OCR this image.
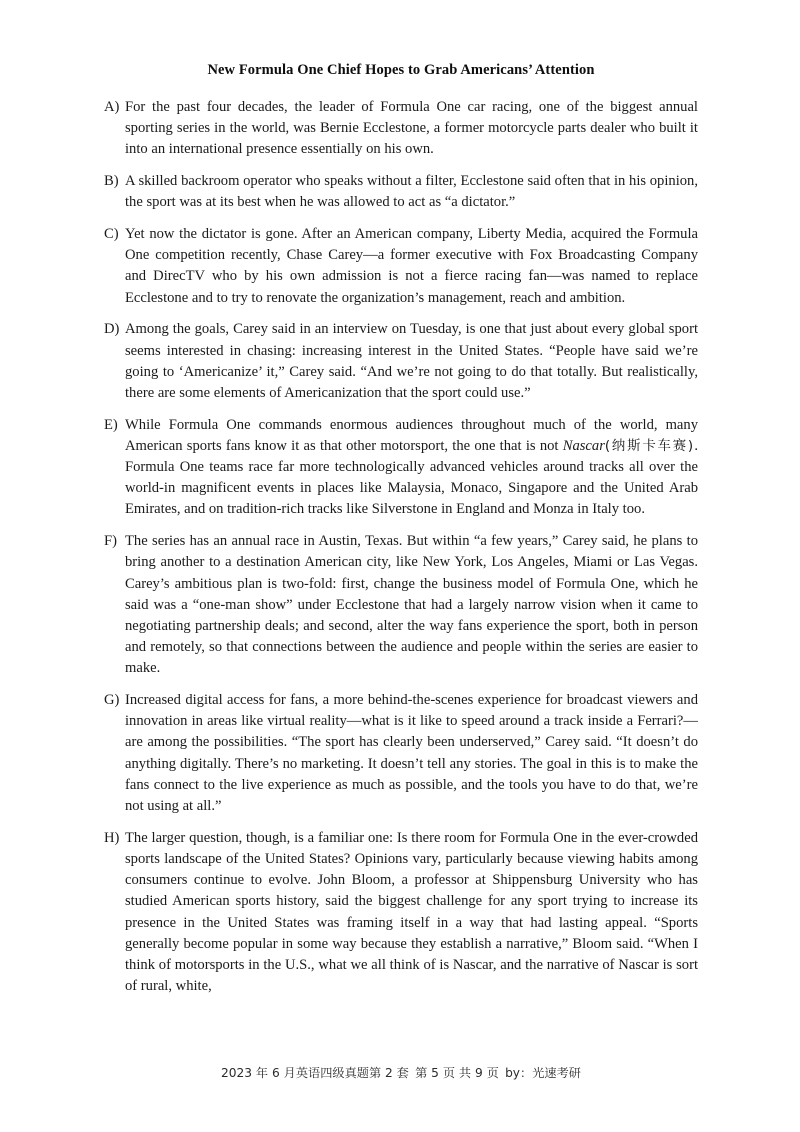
New Formula One Chief Hopes to Grab Americans’ Attention
A) For the past four decades, the leader of Formula One car racing, one of the biggest annual sporting series in the world, was Bernie Ecclestone, a former motorcycle parts dealer who built it into an international presence essentially on his own.
B) A skilled backroom operator who speaks without a filter, Ecclestone said often that in his opinion, the sport was at its best when he was allowed to act as “a dictator.”
C) Yet now the dictator is gone. After an American company, Liberty Media, acquired the Formula One competition recently, Chase Carey—a former executive with Fox Broadcasting Company and DirecTV who by his own admission is not a fierce racing fan—was named to replace Ecclestone and to try to renovate the organization’s management, reach and ambition.
D) Among the goals, Carey said in an interview on Tuesday, is one that just about every global sport seems interested in chasing: increasing interest in the United States. “People have said we’re going to ‘Americanize’ it,” Carey said. “And we’re not going to do that totally. But realistically, there are some elements of Americanization that the sport could use.”
E) While Formula One commands enormous audiences throughout much of the world, many American sports fans know it as that other motorsport, the one that is not Nascar(纳斯卡车赛). Formula One teams race far more technologically advanced vehicles around tracks all over the world-in magnificent events in places like Malaysia, Monaco, Singapore and the United Arab Emirates, and on tradition-rich tracks like Silverstone in England and Monza in Italy too.
F) The series has an annual race in Austin, Texas. But within “a few years,” Carey said, he plans to bring another to a destination American city, like New York, Los Angeles, Miami or Las Vegas. Carey’s ambitious plan is two-fold: first, change the business model of Formula One, which he said was a “one-man show” under Ecclestone that had a largely narrow vision when it came to negotiating partnership deals; and second, alter the way fans experience the sport, both in person and remotely, so that connections between the audience and people within the series are easier to make.
G) Increased digital access for fans, a more behind-the-scenes experience for broadcast viewers and innovation in areas like virtual reality—what is it like to speed around a track inside a Ferrari?—are among the possibilities. “The sport has clearly been underserved,” Carey said. “It doesn’t do anything digitally. There’s no marketing. It doesn’t tell any stories. The goal in this is to make the fans connect to the live experience as much as possible, and the tools you have to do that, we’re not using at all.”
H) The larger question, though, is a familiar one: Is there room for Formula One in the ever-crowded sports landscape of the United States? Opinions vary, particularly because viewing habits among consumers continue to evolve. John Bloom, a professor at Shippensburg University who has studied American sports history, said the biggest challenge for any sport trying to increase its presence in the United States was framing itself in a way that had lasting appeal. “Sports generally become popular in some way because they establish a narrative,” Bloom said. “When I think of motorsports in the U.S., what we all think of is Nascar, and the narrative of Nascar is sort of rural, white,
2023 年 6 月英语四级真题第 2 套 第 5 页 共 9 页 by：光速考研
